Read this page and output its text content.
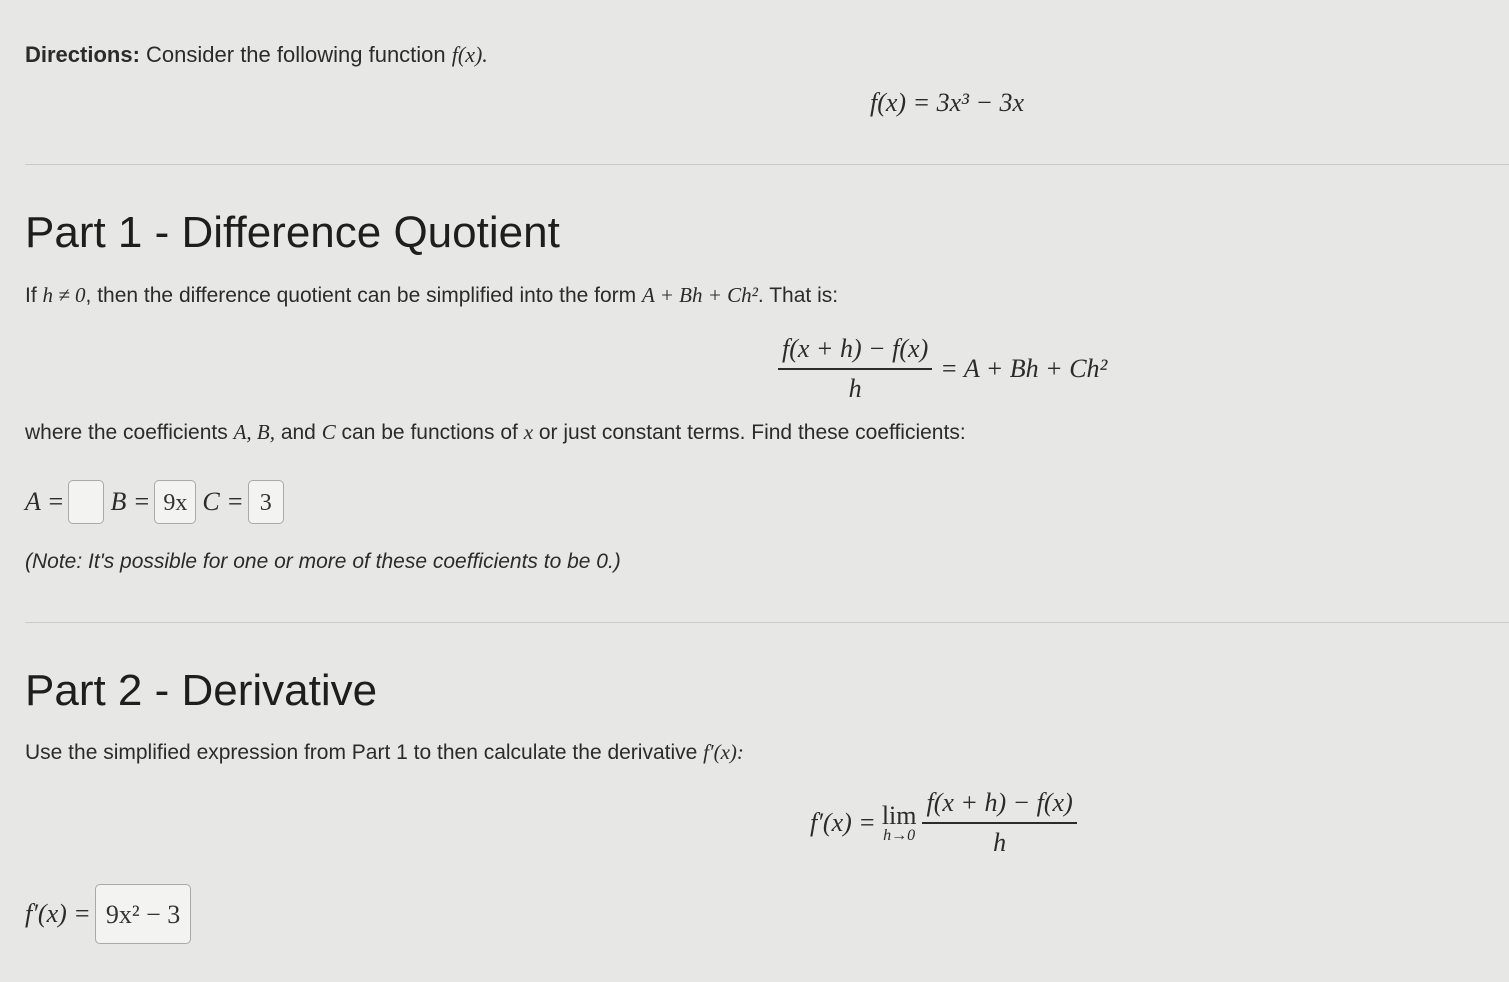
Directions: Consider the following function f(x).
f(x) = 3x³ − 3x
Part 1 - Difference Quotient
If h ≠ 0, then the difference quotient can be simplified into the form A + Bh + Ch². That is:
$\frac{f(x + h) - f(x)}{h} = A + Bh + Ch^2$
where the coefficients A, B, and C can be functions of x or just constant terms. Find these coefficients:
A = B = 9x C = 3
(Note: It's possible for one or more of these coefficients to be 0.)
Part 2 - Derivative
Use the simplified expression from Part 1 to then calculate the derivative f′(x):
f′(x) = lim
$h\to 0 \frac{f(x + h) - f(x)}{h}$
f′(x) = 9x² − 3
